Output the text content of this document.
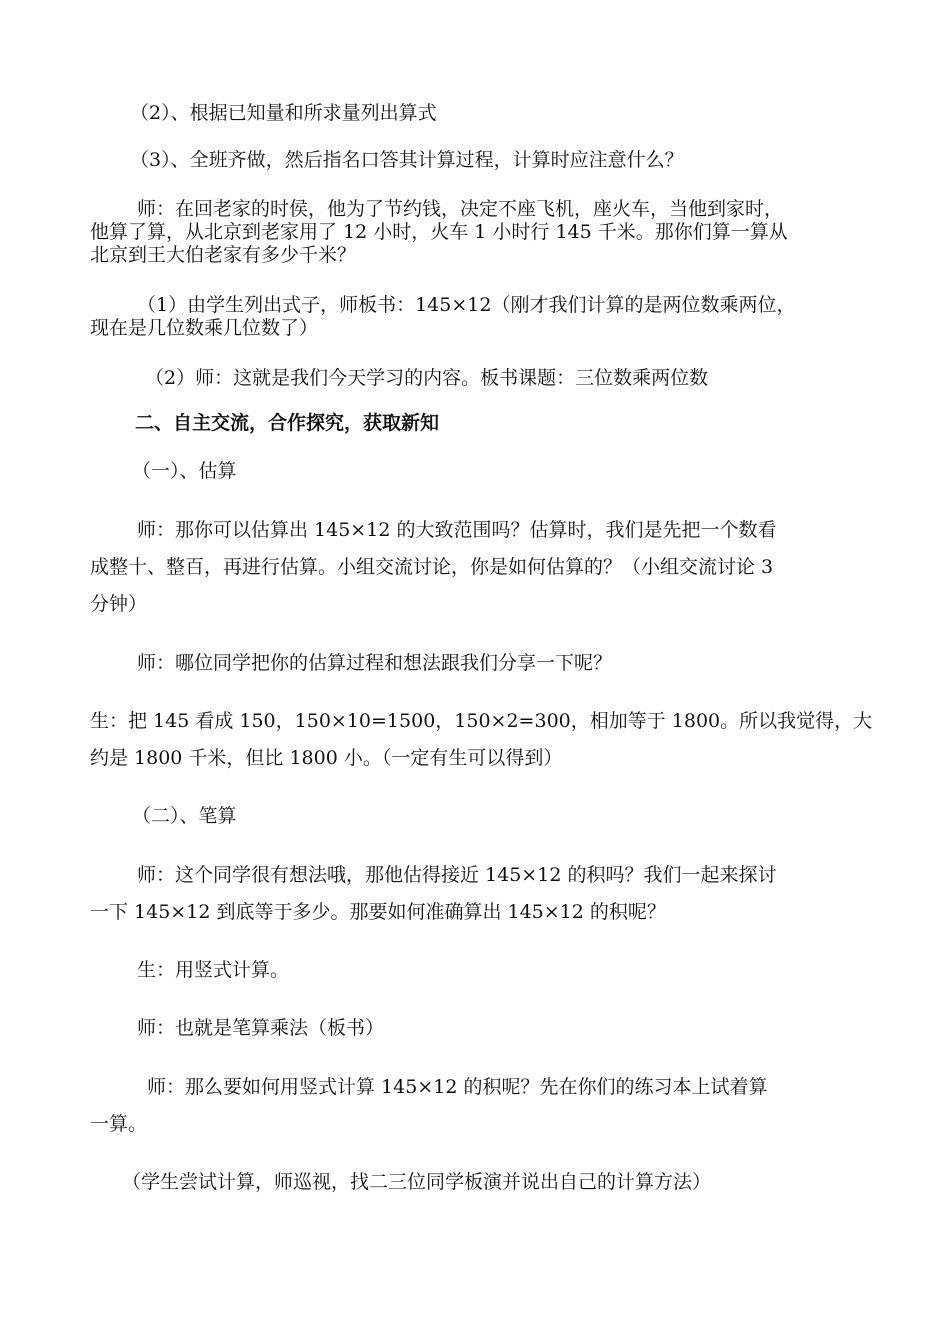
（2）、根据已知量和所求量列出算式
（3）、全班齐做，然后指名口答其计算过程，计算时应注意什么？
师：在回老家的时侯，他为了节约钱，决定不座飞机，座火车，当他到家时，
他算了算，从北京到老家用了 12 小时，火车 1 小时行 145 千米。那你们算一算从
北京到王大伯老家有多少千米？
（1）由学生列出式子，师板书：145×12（刚才我们计算的是两位数乘两位，
现在是几位数乘几位数了）
（2）师：这就是我们今天学习的内容。板书课题：三位数乘两位数
二、自主交流，合作探究，获取新知
（一）、估算
师：那你可以估算出 145×12 的大致范围吗？估算时，我们是先把一个数看
成整十、整百，再进行估算。小组交流讨论，你是如何估算的？（小组交流讨论 3
分钟）
师：哪位同学把你的估算过程和想法跟我们分享一下呢？
生：把 145 看成 150，150×10=1500，150×2=300，相加等于 1800。所以我觉得，大
约是 1800 千米，但比 1800 小。（一定有生可以得到）
（二）、笔算
师：这个同学很有想法哦，那他估得接近 145×12 的积吗？我们一起来探讨
一下 145×12 到底等于多少。那要如何准确算出 145×12 的积呢？
生：用竖式计算。
师：也就是笔算乘法（板书）
师：那么要如何用竖式计算 145×12 的积呢？先在你们的练习本上试着算
一算。
（学生尝试计算，师巡视，找二三位同学板演并说出自己的计算方法）
